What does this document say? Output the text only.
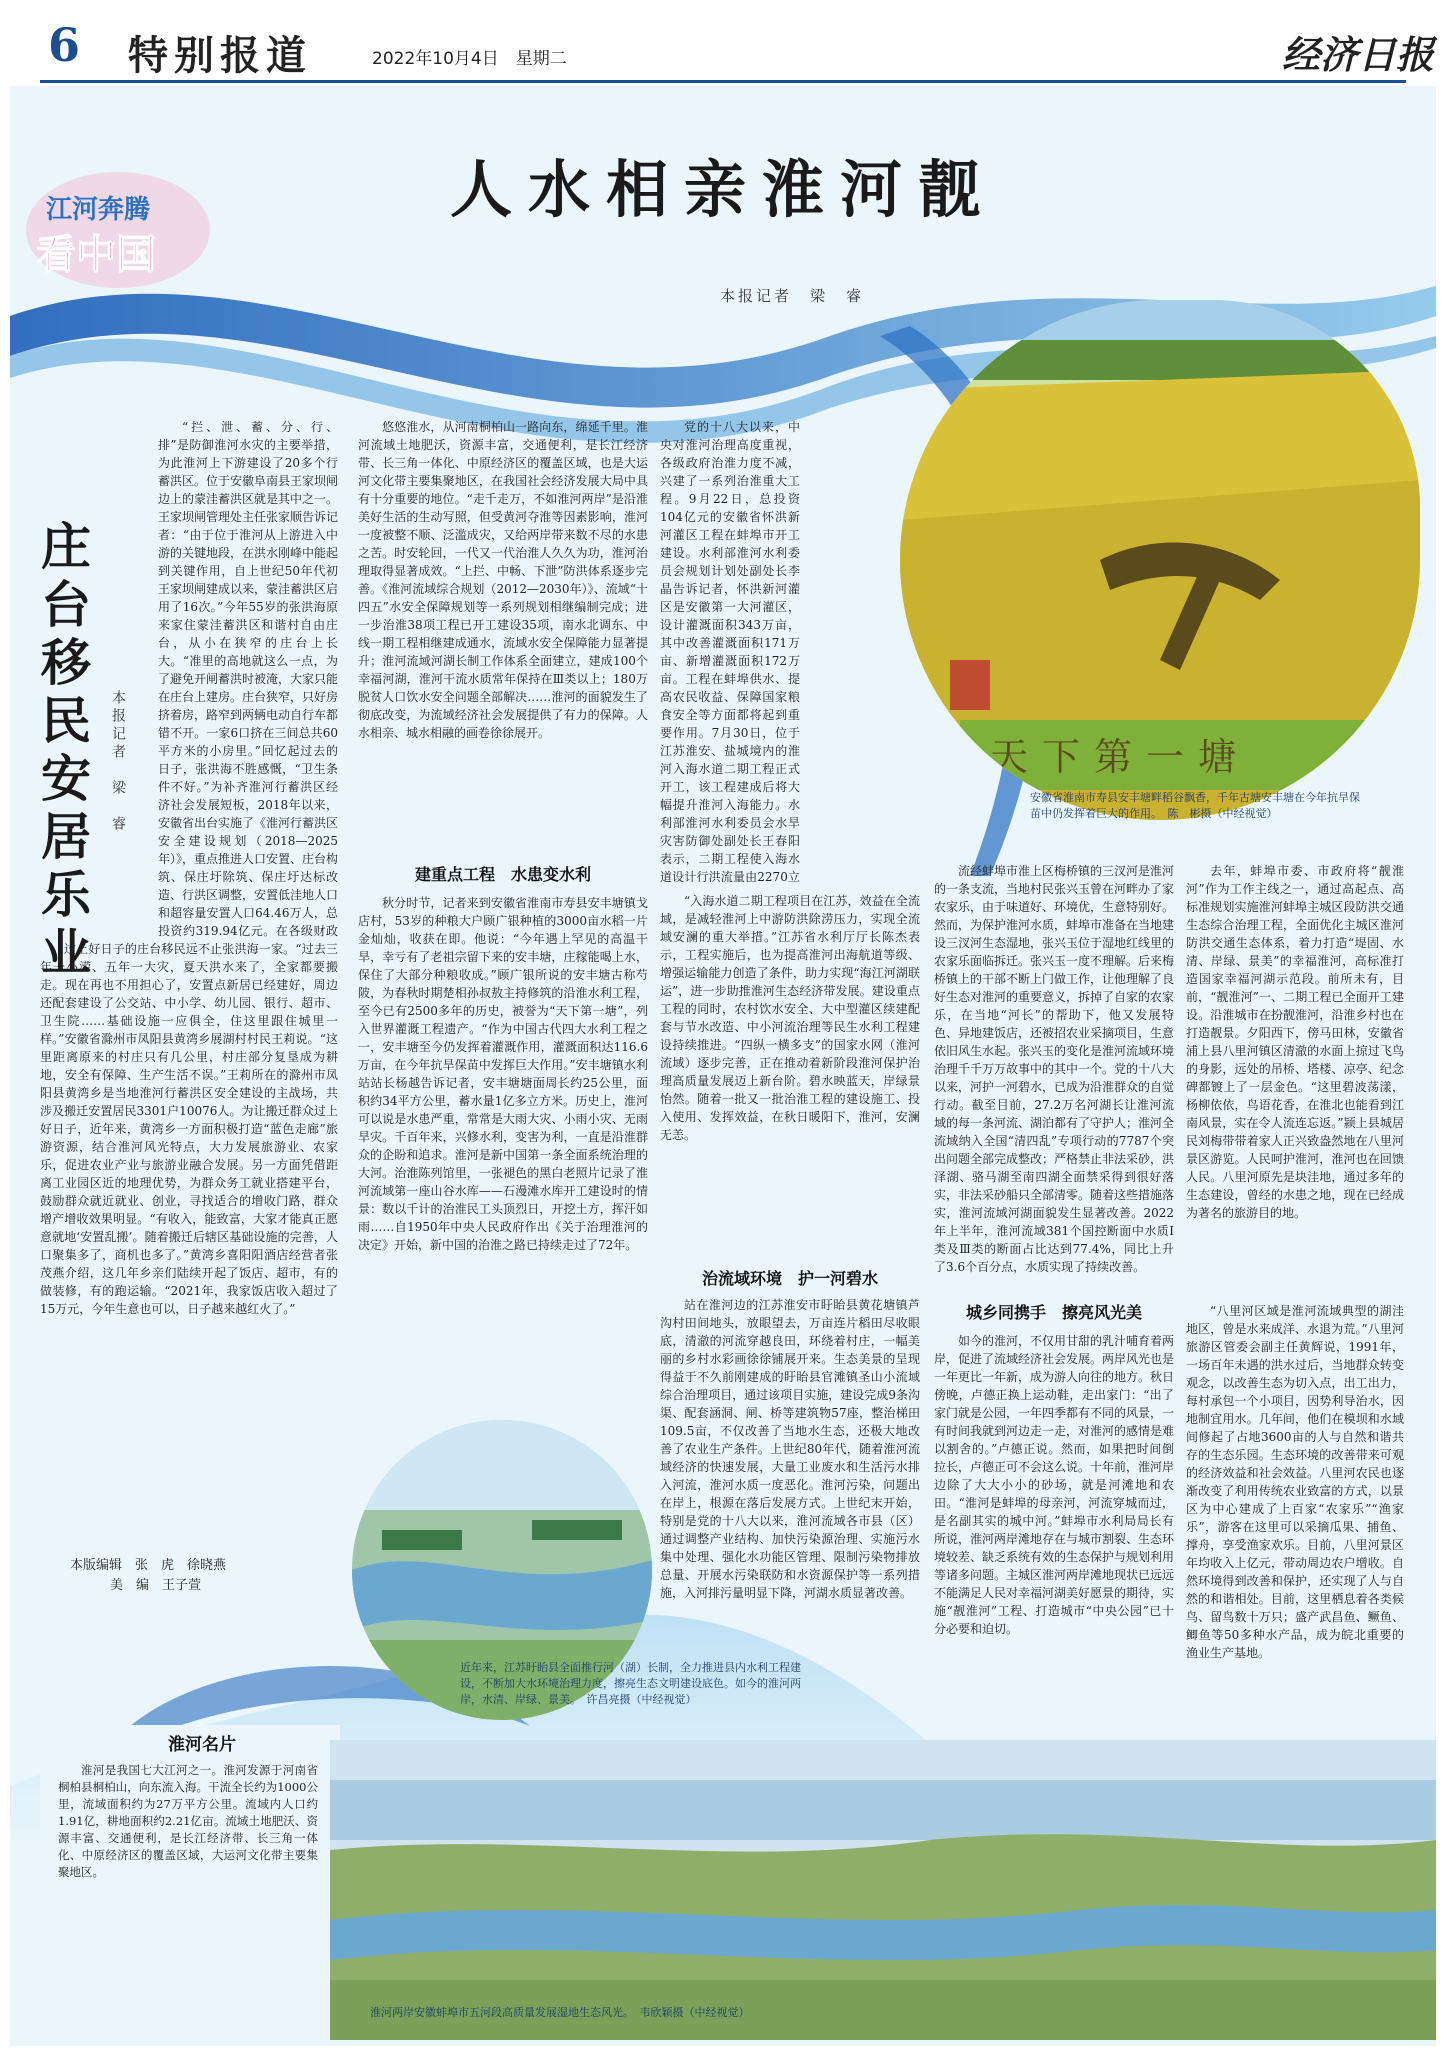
6 特别报道	2022年10月4日　星期二	经济日报
江河奔腾
看中国
人水相亲淮河靓
本报记者　梁　睿
庄台移民安居乐业	本报记者　梁　睿

“拦、泄、蓄、分、行、排”是防御淮河水灾的主要举措，为此淮河上下游建设了20多个行蓄洪区。位于安徽阜南县王家坝闸边上的蒙洼蓄洪区就是其中之一。王家坝闸管理处主任张家顺告诉记者：“由于位于淮河从上游进入中游的关键地段，在洪水刚峰中能起到关键作用，自上世纪50年代初王家坝闸建成以来，蒙洼蓄洪区启用了16次。”今年55岁的张洪海原来家住蒙洼蓄洪区和谐村自由庄台，从小在狭窄的庄台上长大。“准里的高地就这么一点，为了避免开闸蓄洪时被淹，大家只能在庄台上建房。庄台狭窄，只好房挤着房，路窄到两辆电动自行车都错不开。一家6口挤在三间总共60平方米的小房里。”回忆起过去的日子，张洪海不胜感慨，“卫生条件不好。”为补齐淮河行蓄洪区经济社会发展短板，2018年以来，安徽省出台实施了《淮河行蓄洪区安全建设规划（2018—2025年）》，重点推进人口安置、庄台构筑、保庄圩除筑、保庄圩达标改造、行洪区调整，安置低洼地人口和超容量安置人口64.46万人，总投资约319.94亿元。在各级财政

过上好日子的庄台移民远不止张洪海一家。“过去三年一小涝、五年一大灾，夏天洪水来了，全家都要搬走。现在再也不用担心了，安置点新居已经建好，周边还配套建设了公交站、中小学、幼儿园、银行、超市、卫生院……基础设施一应俱全，住这里跟住城里一样。”安徽省滁州市凤阳县黄湾乡展湖村村民王莉说。“这里距离原来的村庄只有几公里，村庄部分复垦成为耕地，安全有保障、生产生活不误。”王莉所在的滁州市凤阳县黄湾乡是当地淮河行蓄洪区安全建设的主战场，共涉及搬迁安置居民3301户10076人。为让搬迁群众过上好日子，近年来，黄湾乡一方面积极打造“蓝色走廊”旅游资源，结合淮河风光特点，大力发展旅游业、农家乐，促进农业产业与旅游业融合发展。另一方面凭借距离工业园区近的地理优势，为群众务工就业搭建平台，鼓励群众就近就业、创业，寻找适合的增收门路，群众增产增收效果明显。“有收入，能致富，大家才能真正愿意就地‘安置乱搬’。随着搬迁后辖区基础设施的完善，人口聚集多了，商机也多了。”黄湾乡喜阳阳酒店经营者张茂燕介绍，这几年乡亲们陆续开起了饭店、超市，有的做装修，有的跑运输。“2021年，我家饭店收入超过了15万元，今年生意也可以，日子越来越红火了。”

本版编辑　张　虎　徐晓燕
美　编　王子萱

悠悠淮水，从河南桐柏山一路向东，绵延千里。淮河流域土地肥沃，资源丰富，交通便利，是长江经济带、长三角一体化、中原经济区的覆盖区域，也是大运河文化带主要集聚地区，在我国社会经济发展大局中具有十分重要的地位。“走千走万，不如淮河两岸”是沿淮美好生活的生动写照，但受黄河夺淮等因素影响，淮河一度被整不顺、泛滥成灾，又给两岸带来数不尽的水患之苦。时安轮回，一代又一代治淮人久久为功，淮河治理取得显著成效。“上拦、中畅、下泄”防洪体系逐步完善。《淮河流域综合规划（2012—2030年）》、流域“十四五”水安全保障规划等一系列规划相继编制完成；进一步治淮38项工程已开工建设35项，南水北调东、中线一期工程相继建成通水，流域水安全保障能力显著提升；淮河流域河湖长制工作体系全面建立，建成100个幸福河湖，淮河干流水质常年保持在Ⅲ类以上；180万脱贫人口饮水安全问题全部解决……淮河的面貌发生了彻底改变，为流域经济社会发展提供了有力的保障。人水相亲、城水相融的画卷徐徐展开。

党的十八大以来，中央对淮河治理高度重视，各级政府治淮力度不减，兴建了一系列治淮重大工程。9月22日，总投资104亿元的安徽省怀洪新河灌区工程在蚌埠市开工建设。水利部淮河水利委员会规划计划处副处长李晶告诉记者，怀洪新河灌区是安徽第一大河灌区，设计灌溉面积343万亩，其中改善灌溉面积171万亩、新增灌溉面积172万亩。工程在蚌埠供水、提高农民收益、保障国家粮食安全等方面都将起到重要作用。7月30日，位于江苏淮安、盐城境内的淮河入海水道二期工程正式开工，该工程建成后将大幅提升淮河入海能力。水利部淮河水利委员会水旱灾害防御处副处长王春阳表示，二期工程使入海水道设计行洪流量由2270立

建重点工程　水患变水利

秋分时节，记者来到安徽省淮南市寿县安丰塘镇戈店村，53岁的种粮大户顾广银种植的3000亩水稻一片金灿灿，收获在即。他说：“今年遇上罕见的高温干旱，幸亏有了老祖宗留下来的安丰塘，庄稼能喝上水，保住了大部分种粮收成。”顾广银所说的安丰塘古称芍陂，为春秋时期楚相孙叔敖主持修筑的沿淮水利工程，至今已有2500多年的历史，被誉为“天下第一塘”，列入世界灌溉工程遗产。“作为中国古代四大水利工程之一，安丰塘至今仍发挥着灌溉作用，灌溉面积达116.6万亩，在今年抗旱保苗中发挥巨大作用。”安丰塘镇水利站站长杨越告诉记者，安丰塘塘面周长约25公里，面积约34平方公里，蓄水量1亿多立方米。历史上，淮河可以说是水患严重，常常是大雨大灾、小雨小灾、无雨旱灾。千百年来，兴修水利，变害为利，一直是沿淮群众的企盼和追求。淮河是新中国第一条全面系统治理的大河。治淮陈列馆里，一张褪色的黑白老照片记录了淮河流域第一座山谷水库——石漫滩水库开工建设时的情景：数以千计的治淮民工头顶烈日，开挖土方，挥汗如雨……自1950年中央人民政府作出《关于治理淮河的决定》开始，新中国的治淮之路已持续走过了72年。

“入海水道二期工程项目在江苏，效益在全流域，是减轻淮河上中游防洪除涝压力，实现全流域安澜的重大举措。”江苏省水利厅厅长陈杰表示，工程实施后，也为提高淮河出海航道等级、增强运输能力创造了条件，助力实现“海江河湖联运”，进一步助推淮河生态经济带发展。建设重点工程的同时，农村饮水安全、大中型灌区续建配套与节水改造、中小河流治理等民生水利工程建设持续推进。“四纵一横多支”的国家水网（淮河流域）逐步完善，正在推动着新阶段淮河保护治理高质量发展迈上新台阶。碧水映蓝天，岸绿景怡然。随着一批又一批治淮工程的建设施工、投入使用、发挥效益，在秋日暖阳下，淮河，安澜无恙。

治流域环境　护一河碧水

站在淮河边的江苏淮安市盱眙县黄花塘镇芦沟村田间地头，放眼望去，万亩连片稻田尽收眼底，清澈的河流穿越良田，环绕着村庄，一幅美丽的乡村水彩画徐徐铺展开来。生态美景的呈现得益于不久前刚建成的盱眙县官滩镇圣山小流域综合治理项目，通过该项目实施，建设完成9条沟渠、配套涵洞、闸、桥等建筑物57座，整治梯田109.5亩，不仅改善了当地水生态，还极大地改善了农业生产条件。上世纪80年代，随着淮河流域经济的快速发展，大量工业废水和生活污水排入河流，淮河水质一度恶化。淮河污染，问题出在岸上，根源在落后发展方式。上世纪末开始，特别是党的十八大以来，淮河流域各市县（区）通过调整产业结构、加快污染源治理、实施污水集中处理、强化水功能区管理、限制污染物排放总量、开展水污染联防和水资源保护等一系列措施，入河排污量明显下降，河湖水质显著改善。

流经蚌埠市淮上区梅桥镇的三汊河是淮河的一条支流，当地村民张兴玉曾在河畔办了家农家乐，由于味道好、环境优，生意特别好。然而，为保护淮河水质，蚌埠市准备在当地建设三汊河生态湿地，张兴玉位于湿地红线里的农家乐面临拆迁。张兴玉一度不理解。后来梅桥镇上的干部不断上门做工作，让他理解了良好生态对淮河的重要意义，拆掉了自家的农家乐，在当地“河长”的帮助下，他又发展特色、异地建饭店，还被招农业采摘项目，生意依旧风生水起。张兴玉的变化是淮河流域环境治理千千万万故事中的其中一个。党的十八大以来，河护一河碧水，已成为沿淮群众的自觉行动。截至目前，27.2万名河湖长让淮河流域的每一条河流、湖泊都有了守护人；淮河全流域纳入全国“清四乱”专项行动的7787个突出问题全部完成整改；严格禁止非法采砂，洪泽湖、骆马湖至南四湖全面禁采得到很好落实，非法采砂船只全部清零。随着这些措施落实，淮河流域河湖面貌发生显著改善。2022年上半年，淮河流域381个国控断面中水质Ⅰ类及Ⅲ类的断面占比达到77.4%，同比上升了3.6个百分点，水质实现了持续改善。

城乡同携手　擦亮风光美

如今的淮河，不仅用甘甜的乳汁哺育着两岸，促进了流域经济社会发展。两岸风光也是一年更比一年新，成为游人向往的地方。秋日傍晚，卢德正换上运动鞋，走出家门：“出了家门就是公园，一年四季都有不同的风景，一有时间我就到河边走一走，对淮河的感情是难以割舍的。”卢德正说。然而，如果把时间倒拉长，卢德正可不会这么说。十年前，淮河岸边除了大大小小的砂场，就是河滩地和农田。“淮河是蚌埠的母亲河，河流穿城而过，是名副其实的城中河。”蚌埠市水利局局长有所说，淮河两岸滩地存在与城市割裂、生态环境较差、缺乏系统有效的生态保护与规划利用等诸多问题。主城区淮河两岸滩地现状已远远不能满足人民对幸福河湖美好愿景的期待，实施“靓淮河”工程、打造城市“中央公园”已十分必要和迫切。

去年，蚌埠市委、市政府将“靓淮河”作为工作主线之一，通过高起点、高标准规划实施淮河蚌埠主城区段防洪交通生态综合治理工程，全面优化主城区淮河防洪交通生态体系，着力打造“堤固、水清、岸绿、景美”的幸福淮河，高标准打造国家幸福河湖示范段。前所未有，目前，“靓淮河”一、二期工程已全面开工建设。沿淮城市在扮靓淮河，沿淮乡村也在打造靓景。夕阳西下，傍马田林，安徽省浦上县八里河镇区清澈的水面上掠过飞鸟的身影，远处的吊桥、塔楼、凉亭、纪念碑都镀上了一层金色。“这里碧波荡漾，杨柳依依，鸟语花香，在淮北也能看到江南风景，实在令人流连忘返。”颍上县城居民刘梅带带着家人正兴致盎然地在八里河景区游览。人民呵护淮河，淮河也在回馈人民。八里河原先是块洼地，通过多年的生态建设，曾经的水患之地，现在已经成为著名的旅游目的地。

“八里河区域是淮河流域典型的湖洼地区，曾是水来成洋、水退为荒。”八里河旅游区管委会副主任黄辉说，1991年，一场百年未遇的洪水过后，当地群众转变观念，以改善生态为切入点，出工出力，每村承包一个小项目，因势利导治水，因地制宜用水。几年间，他们在模坝和水域间修起了占地3600亩的人与自然和谐共存的生态乐园。生态环境的改善带来可观的经济效益和社会效益。八里河农民也逐渐改变了利用传统农业致富的方式，以景区为中心建成了上百家“农家乐”“渔家乐”，游客在这里可以采摘瓜果、捕鱼、撑舟，享受渔家欢乐。目前，八里河景区年均收入上亿元，带动周边农户增收。自然环境得到改善和保护，还实现了人与自然的和谐相处。目前，这里栖息着各类候鸟、留鸟数十万只；盛产武昌鱼、鳜鱼、鲫鱼等50多种水产品，成为皖北重要的渔业生产基地。

天下第一塘
安徽省淮南市寿县安丰塘畔稻谷飘香，千年古塘安丰塘在今年抗旱保苗中仍发挥着巨大的作用。　陈　彬摄（中经视觉）
近年来，江苏盱眙县全面推行河（湖）长制，全力推进县内水利工程建设，不断加大水环境治理力度，擦亮生态文明建设底色。如今的淮河两岸，水清、岸绿、景美。　许昌亮摄（中经视觉）
淮河名片

淮河是我国七大江河之一。淮河发源于河南省桐柏县桐柏山，向东流入海。干流全长约为1000公里，流域面积约为27万平方公里。流域内人口约1.91亿，耕地面积约2.21亿亩。流域土地肥沃、资源丰富、交通便利，是长江经济带、长三角一体化、中原经济区的覆盖区域，大运河文化带主要集聚地区。

淮河两岸安徽蚌埠市五河段高质量发展湿地生态风光。　韦欣颖摄（中经视觉）
